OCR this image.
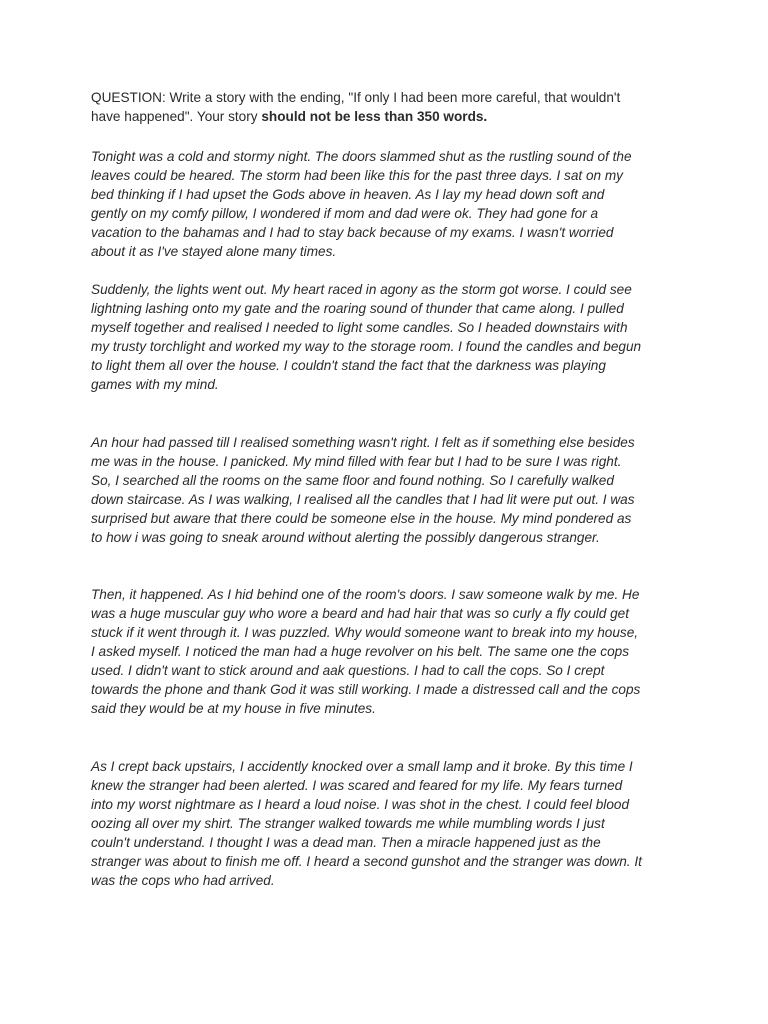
QUESTION: Write a story with the ending, "If only I had been more careful, that wouldn't
have happened". Your story should not be less than 350 words.

Tonight was a cold and stormy night. The doors slammed shut as the rustling sound of the
leaves could be heared. The storm had been like this for the past three days. I sat on my
bed thinking if I had upset the Gods above in heaven. As I lay my head down soft and
gently on my comfy pillow, I wondered if mom and dad were ok. They had gone for a
vacation to the bahamas and I had to stay back because of my exams. I wasn't worried
about it as I've stayed alone many times.

Suddenly, the lights went out. My heart raced in agony as the storm got worse. I could see
lightning lashing onto my gate and the roaring sound of thunder that came along. I pulled
myself together and realised I needed to light some candles. So I headed downstairs with
my trusty torchlight and worked my way to the storage room. I found the candles and begun
to light them all over the house. I couldn't stand the fact that the darkness was playing
games with my mind.

An hour had passed till I realised something wasn't right. I felt as if something else besides
me was in the house. I panicked. My mind filled with fear but I had to be sure I was right.
So, I searched all the rooms on the same floor and found nothing. So I carefully walked
down staircase. As I was walking, I realised all the candles that I had lit were put out. I was
surprised but aware that there could be someone else in the house. My mind pondered as
to how i was going to sneak around without alerting the possibly dangerous stranger.

Then, it happened. As I hid behind one of the room's doors. I saw someone walk by me. He
was a huge muscular guy who wore a beard and had hair that was so curly a fly could get
stuck if it went through it. I was puzzled. Why would someone want to break into my house,
I asked myself. I noticed the man had a huge revolver on his belt. The same one the cops
used. I didn't want to stick around and aak questions. I had to call the cops. So I crept
towards the phone and thank God it was still working. I made a distressed call and the cops
said they would be at my house in five minutes.

As I crept back upstairs, I accidently knocked over a small lamp and it broke. By this time I
knew the stranger had been alerted. I was scared and feared for my life. My fears turned
into my worst nightmare as I heard a loud noise. I was shot in the chest. I could feel blood
oozing all over my shirt. The stranger walked towards me while mumbling words I just
couln't understand. I thought I was a dead man. Then a miracle happened just as the
stranger was about to finish me off. I heard a second gunshot and the stranger was down. It
was the cops who had arrived.
